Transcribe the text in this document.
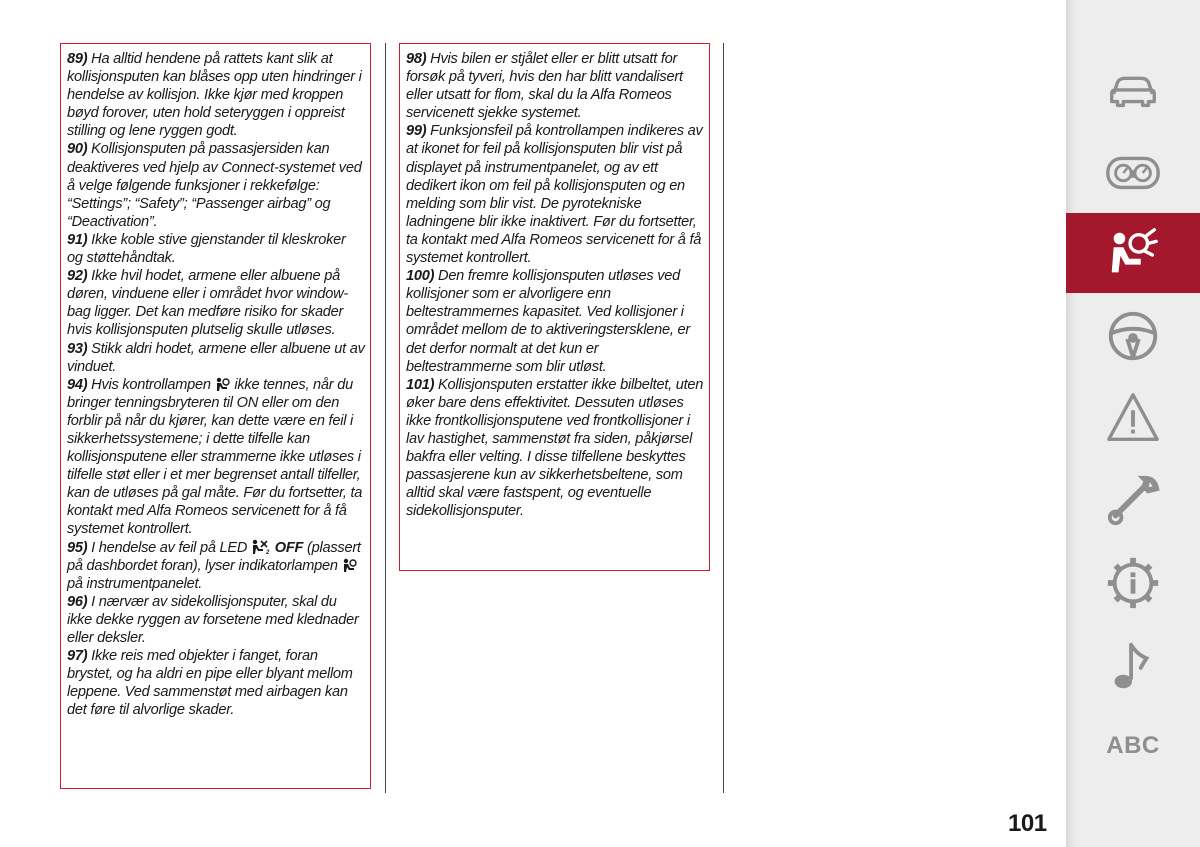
89) Ha alltid hendene på rattets kant slik at kollisjonsputen kan blåses opp uten hindringer i hendelse av kollisjon. Ikke kjør med kroppen bøyd forover, uten hold seteryggen i oppreist stilling og lene ryggen godt.

90) Kollisjonsputen på passasjersiden kan deaktiveres ved hjelp av Connect-systemet ved å velge følgende funksjoner i rekkefølge: “Settings”; “Safety”; “Passenger airbag” og “Deactivation”.

91) Ikke koble stive gjenstander til kleskroker og støttehåndtak.

92) Ikke hvil hodet, armene eller albuene på døren, vinduene eller i området hvor window-bag ligger. Det kan medføre risiko for skader hvis kollisjonsputen plutselig skulle utløses.

93) Stikk aldri hodet, armene eller albuene ut av vinduet.

94) Hvis kontrollampen  ikke tennes, når du bringer tenningsbryteren til ON eller om den forblir på når du kjører, kan dette være en feil i sikkerhetssystemene; i dette tilfelle kan kollisjonsputene eller strammerne ikke utløses i tilfelle støt eller i et mer begrenset antall tilfeller, kan de utløses på gal måte. Før du fortsetter, ta kontakt med Alfa Romeos servicenett for å få systemet kontrollert.

95) I hendelse av feil på LED	2 OFF (plassert på dashbordet foran), lyser indikatorlampen  på instrumentpanelet.

96) I nærvær av sidekollisjonsputer, skal du ikke dekke ryggen av forsetene med klednader eller deksler.

97) Ikke reis med objekter i fanget, foran brystet, og ha aldri en pipe eller blyant mellom leppene. Ved sammenstøt med airbagen kan det føre til alvorlige skader.

98) Hvis bilen er stjålet eller er blitt utsatt for forsøk på tyveri, hvis den har blitt vandalisert eller utsatt for flom, skal du la Alfa Romeos servicenett sjekke systemet.

99) Funksjonsfeil på kontrollampen indikeres av at ikonet for feil på kollisjonsputen blir vist på displayet på instrumentpanelet, og av ett dedikert ikon om feil på kollisjonsputen og en melding som blir vist. De pyrotekniske ladningene blir ikke inaktivert. Før du fortsetter, ta kontakt med Alfa Romeos servicenett for å få systemet kontrollert.

100) Den fremre kollisjonsputen utløses ved kollisjoner som er alvorligere enn beltestrammernes kapasitet. Ved kollisjoner i området mellom de to aktiveringstersklene, er det derfor normalt at det kun er beltestrammerne som blir utløst.

101) Kollisjonsputen erstatter ikke bilbeltet, uten øker bare dens effektivitet. Dessuten utløses ikke frontkollisjonsputene ved frontkollisjoner i lav hastighet, sammenstøt fra siden, påkjørsel bakfra eller velting. I disse tilfellene beskyttes passasjerene kun av sikkerhetsbeltene, som alltid skal være fastspent, og eventuelle sidekollisjonsputer.

ABC
101
